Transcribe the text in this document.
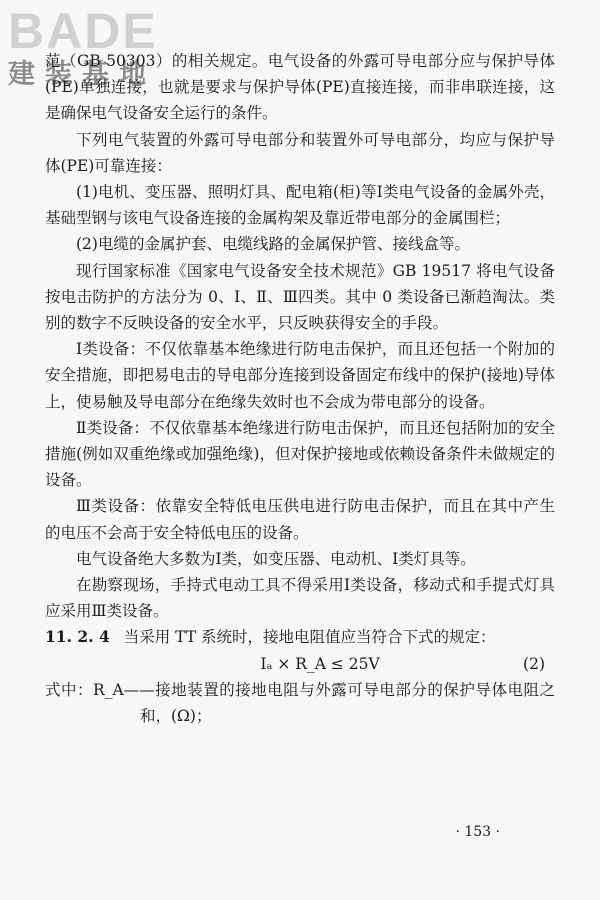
BADE
建装基地

范（GB 50303）的相关规定。电气设备的外露可导电部分应与保护导体(PE)单独连接，也就是要求与保护导体(PE)直接连接，而非串联连接，这是确保电气设备安全运行的条件。

下列电气装置的外露可导电部分和装置外可导电部分，均应与保护导体(PE)可靠连接：

(1)电机、变压器、照明灯具、配电箱(柜)等Ⅰ类电气设备的金属外壳，基础型钢与该电气设备连接的金属构架及靠近带电部分的金属围栏；

(2)电缆的金属护套、电缆线路的金属保护管、接线盒等。

现行国家标准《国家电气设备安全技术规范》GB 19517 将电气设备按电击防护的方法分为 0、Ⅰ、Ⅱ、Ⅲ四类。其中 0 类设备已渐趋淘汰。类别的数字不反映设备的安全水平，只反映获得安全的手段。

Ⅰ类设备：不仅依靠基本绝缘进行防电击保护，而且还包括一个附加的安全措施，即把易电击的导电部分连接到设备固定布线中的保护(接地)导体上，使易触及导电部分在绝缘失效时也不会成为带电部分的设备。

Ⅱ类设备：不仅依靠基本绝缘进行防电击保护，而且还包括附加的安全措施(例如双重绝缘或加强绝缘)，但对保护接地或依赖设备条件未做规定的设备。

Ⅲ类设备：依靠安全特低电压供电进行防电击保护，而且在其中产生的电压不会高于安全特低电压的设备。

电气设备绝大多数为Ⅰ类，如变压器、电动机、Ⅰ类灯具等。

在勘察现场，手持式电动工具不得采用Ⅰ类设备，移动式和手提式灯具应采用Ⅲ类设备。

11. 2. 4 当采用 TT 系统时，接地电阻值应当符合下式的规定：

Iₐ × R_A ≤ 25V	(2)

式中：R_A——接地装置的接地电阻与外露可导电部分的保护导体电阻之和，(Ω)；

· 153 ·
